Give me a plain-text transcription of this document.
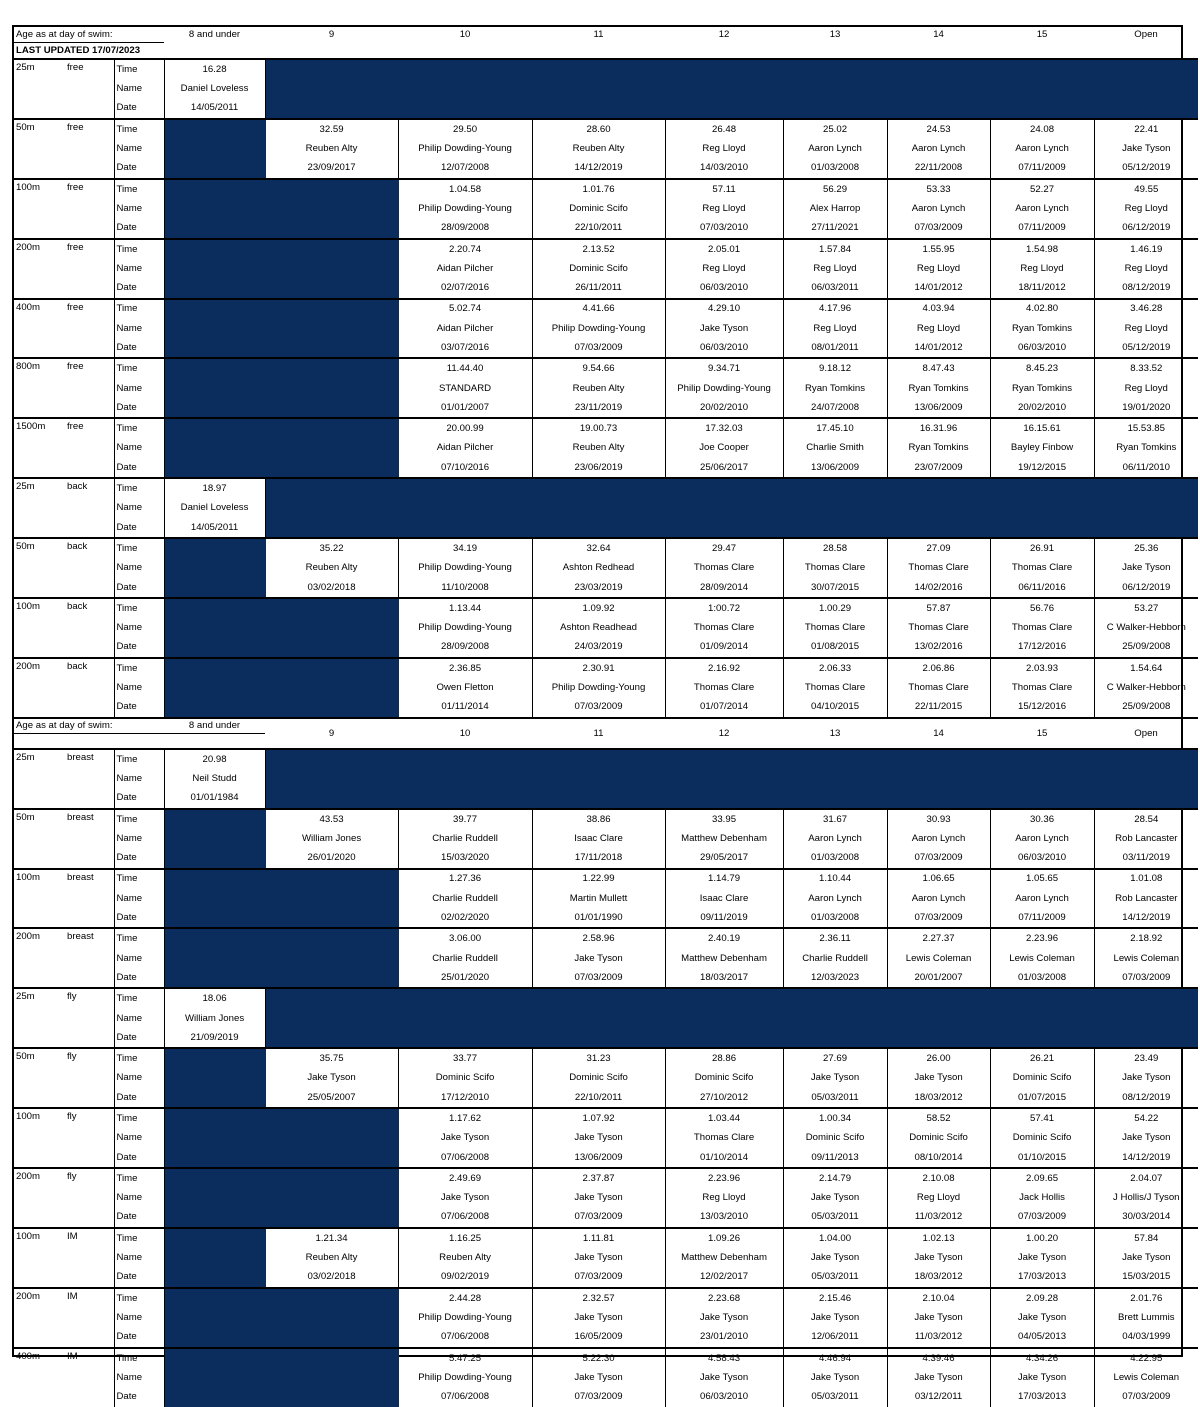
Age as at day of swim:			8 and under	9	10	11	12	13	14	15	Open
LAST UPDATED 17/07/2023											
25m	free	Time	16.28								
		Name	Daniel Loveless								
		Date	14/05/2011								
50m	free	Time		32.59	29.50	28.60	26.48	25.02	24.53	24.08	22.41
		Name		Reuben Alty	Philip Dowding-Young	Reuben Alty	Reg Lloyd	Aaron Lynch	Aaron Lynch	Aaron Lynch	Jake Tyson
		Date		23/09/2017	12/07/2008	14/12/2019	14/03/2010	01/03/2008	22/11/2008	07/11/2009	05/12/2019
100m	free	Time			1.04.58	1.01.76	57.11	56.29	53.33	52.27	49.55
		Name			Philip Dowding-Young	Dominic Scifo	Reg Lloyd	Alex Harrop	Aaron Lynch	Aaron Lynch	Reg Lloyd
		Date			28/09/2008	22/10/2011	07/03/2010	27/11/2021	07/03/2009	07/11/2009	06/12/2019
200m	free	Time			2.20.74	2.13.52	2.05.01	1.57.84	1.55.95	1.54.98	1.46.19
		Name			Aidan Pilcher	Dominic Scifo	Reg Lloyd	Reg Lloyd	Reg Lloyd	Reg Lloyd	Reg Lloyd
		Date			02/07/2016	26/11/2011	06/03/2010	06/03/2011	14/01/2012	18/11/2012	08/12/2019
400m	free	Time			5.02.74	4.41.66	4.29.10	4.17.96	4.03.94	4.02.80	3.46.28
		Name			Aidan Pilcher	Philip Dowding-Young	Jake Tyson	Reg Lloyd	Reg Lloyd	Ryan Tomkins	Reg Lloyd
		Date			03/07/2016	07/03/2009	06/03/2010	08/01/2011	14/01/2012	06/03/2010	05/12/2019
800m	free	Time			11.44.40	9.54.66	9.34.71	9.18.12	8.47.43	8.45.23	8.33.52
		Name			STANDARD	Reuben Alty	Philip Dowding-Young	Ryan Tomkins	Ryan Tomkins	Ryan Tomkins	Reg Lloyd
		Date			01/01/2007	23/11/2019	20/02/2010	24/07/2008	13/06/2009	20/02/2010	19/01/2020
1500m	free	Time			20.00.99	19.00.73	17.32.03	17.45.10	16.31.96	16.15.61	15.53.85
		Name			Aidan Pilcher	Reuben Alty	Joe Cooper	Charlie Smith	Ryan Tomkins	Bayley Finbow	Ryan Tomkins
		Date			07/10/2016	23/06/2019	25/06/2017	13/06/2009	23/07/2009	19/12/2015	06/11/2010
25m	back	Time	18.97								
		Name	Daniel Loveless								
		Date	14/05/2011								
50m	back	Time		35.22	34.19	32.64	29.47	28.58	27.09	26.91	25.36
		Name		Reuben Alty	Philip Dowding-Young	Ashton Redhead	Thomas Clare	Thomas Clare	Thomas Clare	Thomas Clare	Jake Tyson
		Date		03/02/2018	11/10/2008	23/03/2019	28/09/2014	30/07/2015	14/02/2016	06/11/2016	06/12/2019
100m	back	Time			1.13.44	1.09.92	1:00.72	1.00.29	57.87	56.76	53.27
		Name			Philip Dowding-Young	Ashton Readhead	Thomas Clare	Thomas Clare	Thomas Clare	Thomas Clare	C Walker-Hebborn
		Date			28/09/2008	24/03/2019	01/09/2014	01/08/2015	13/02/2016	17/12/2016	25/09/2008
200m	back	Time			2.36.85	2.30.91	2.16.92	2.06.33	2.06.86	2.03.93	1.54.64
		Name			Owen Fletton	Philip Dowding-Young	Thomas Clare	Thomas Clare	Thomas Clare	Thomas Clare	C Walker-Hebborn
		Date			01/11/2014	07/03/2009	01/07/2014	04/10/2015	22/11/2015	15/12/2016	25/09/2008
Age as at day of swim:			8 and under	9	10	11	12	13	14	15	Open

25m	breast	Time	20.98								
		Name	Neil Studd								
		Date	01/01/1984								
50m	breast	Time		43.53	39.77	38.86	33.95	31.67	30.93	30.36	28.54
		Name		William Jones	Charlie Ruddell	Isaac Clare	Matthew Debenham	Aaron Lynch	Aaron Lynch	Aaron Lynch	Rob Lancaster
		Date		26/01/2020	15/03/2020	17/11/2018	29/05/2017	01/03/2008	07/03/2009	06/03/2010	03/11/2019
100m	breast	Time			1.27.36	1.22.99	1.14.79	1.10.44	1.06.65	1.05.65	1.01.08
		Name			Charlie Ruddell	Martin Mullett	Isaac Clare	Aaron Lynch	Aaron Lynch	Aaron Lynch	Rob Lancaster
		Date			02/02/2020	01/01/1990	09/11/2019	01/03/2008	07/03/2009	07/11/2009	14/12/2019
200m	breast	Time			3.06.00	2.58.96	2.40.19	2.36.11	2.27.37	2.23.96	2.18.92
		Name			Charlie Ruddell	Jake Tyson	Matthew Debenham	Charlie Ruddell	Lewis Coleman	Lewis Coleman	Lewis Coleman
		Date			25/01/2020	07/03/2009	18/03/2017	12/03/2023	20/01/2007	01/03/2008	07/03/2009
25m	fly	Time	18.06								
		Name	William Jones								
		Date	21/09/2019								
50m	fly	Time		35.75	33.77	31.23	28.86	27.69	26.00	26.21	23.49
		Name		Jake Tyson	Dominic Scifo	Dominic Scifo	Dominic Scifo	Jake Tyson	Jake Tyson	Dominic Scifo	Jake Tyson
		Date		25/05/2007	17/12/2010	22/10/2011	27/10/2012	05/03/2011	18/03/2012	01/07/2015	08/12/2019
100m	fly	Time			1.17.62	1.07.92	1.03.44	1.00.34	58.52	57.41	54.22
		Name			Jake Tyson	Jake Tyson	Thomas Clare	Dominic Scifo	Dominic Scifo	Dominic Scifo	Jake Tyson
		Date			07/06/2008	13/06/2009	01/10/2014	09/11/2013	08/10/2014	01/10/2015	14/12/2019
200m	fly	Time			2.49.69	2.37.87	2.23.96	2.14.79	2.10.08	2.09.65	2.04.07
		Name			Jake Tyson	Jake Tyson	Reg Lloyd	Jake Tyson	Reg Lloyd	Jack Hollis	J Hollis/J Tyson
		Date			07/06/2008	07/03/2009	13/03/2010	05/03/2011	11/03/2012	07/03/2009	30/03/2014
100m	IM	Time		1.21.34	1.16.25	1.11.81	1.09.26	1.04.00	1.02.13	1.00.20	57.84
		Name		Reuben Alty	Reuben Alty	Jake Tyson	Matthew Debenham	Jake Tyson	Jake Tyson	Jake Tyson	Jake Tyson
		Date		03/02/2018	09/02/2019	07/03/2009	12/02/2017	05/03/2011	18/03/2012	17/03/2013	15/03/2015
200m	IM	Time			2.44.28	2.32.57	2.23.68	2.15.46	2.10.04	2.09.28	2.01.76
		Name			Philip Dowding-Young	Jake Tyson	Jake Tyson	Jake Tyson	Jake Tyson	Jake Tyson	Brett Lummis
		Date			07/06/2008	16/05/2009	23/01/2010	12/06/2011	11/03/2012	04/05/2013	04/03/1999
400m	IM	Time			5.47.25	5.22.30	4.58.43	4.46.94	4.39.46	4.34.26	4.22.95
		Name			Philip Dowding-Young	Jake Tyson	Jake Tyson	Jake Tyson	Jake Tyson	Jake Tyson	Lewis Coleman
		Date			07/06/2008	07/03/2009	06/03/2010	05/03/2011	03/12/2011	17/03/2013	07/03/2009
